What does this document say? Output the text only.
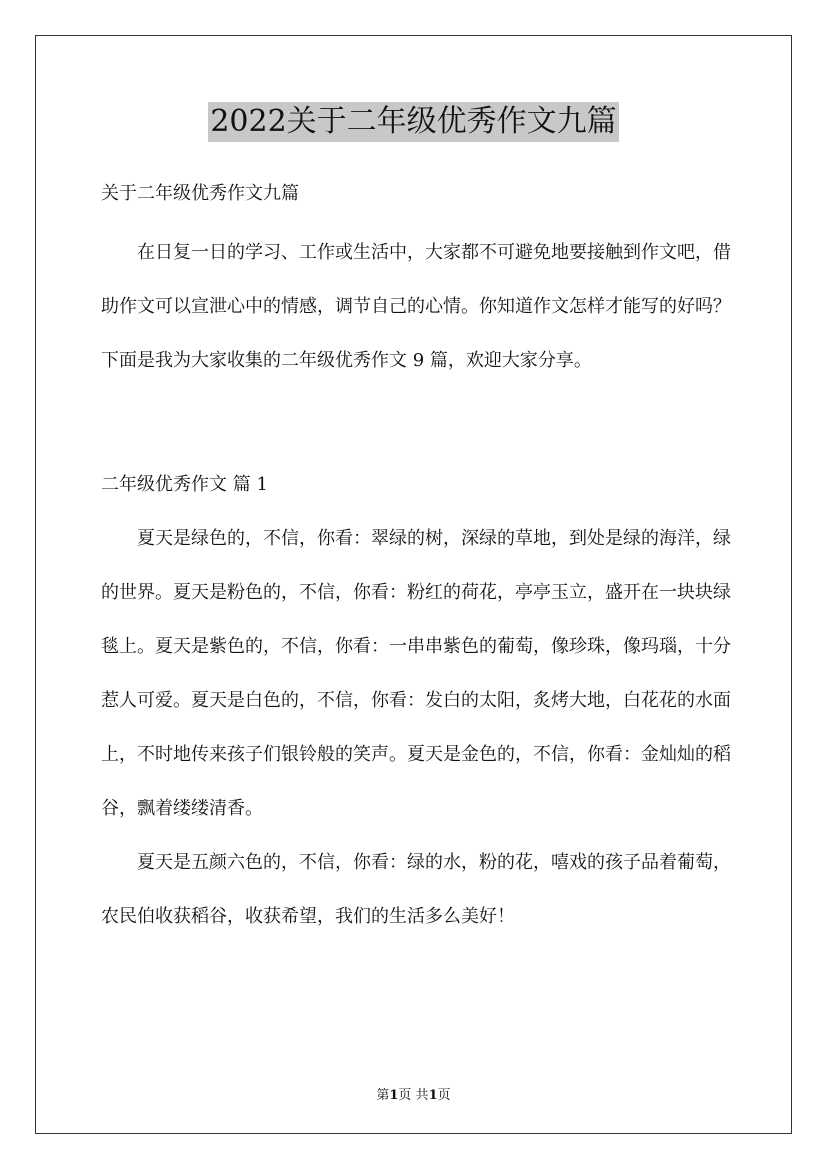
2022关于二年级优秀作文九篇

关于二年级优秀作文九篇

在日复一日的学习、工作或生活中，大家都不可避免地要接触到作文吧，借助作文可以宣泄心中的情感，调节自己的心情。你知道作文怎样才能写的好吗？下面是我为大家收集的二年级优秀作文 9 篇，欢迎大家分享。

二年级优秀作文 篇 1

夏天是绿色的，不信，你看：翠绿的树，深绿的草地，到处是绿的海洋，绿的世界。夏天是粉色的，不信，你看：粉红的荷花，亭亭玉立，盛开在一块块绿毯上。夏天是紫色的，不信，你看：一串串紫色的葡萄，像珍珠，像玛瑙，十分惹人可爱。夏天是白色的，不信，你看：发白的太阳，炙烤大地，白花花的水面上，不时地传来孩子们银铃般的笑声。夏天是金色的，不信，你看：金灿灿的稻谷，飘着缕缕清香。

夏天是五颜六色的，不信，你看：绿的水，粉的花，嘻戏的孩子品着葡萄，农民伯收获稻谷，收获希望，我们的生活多么美好！

第1页 共1页
